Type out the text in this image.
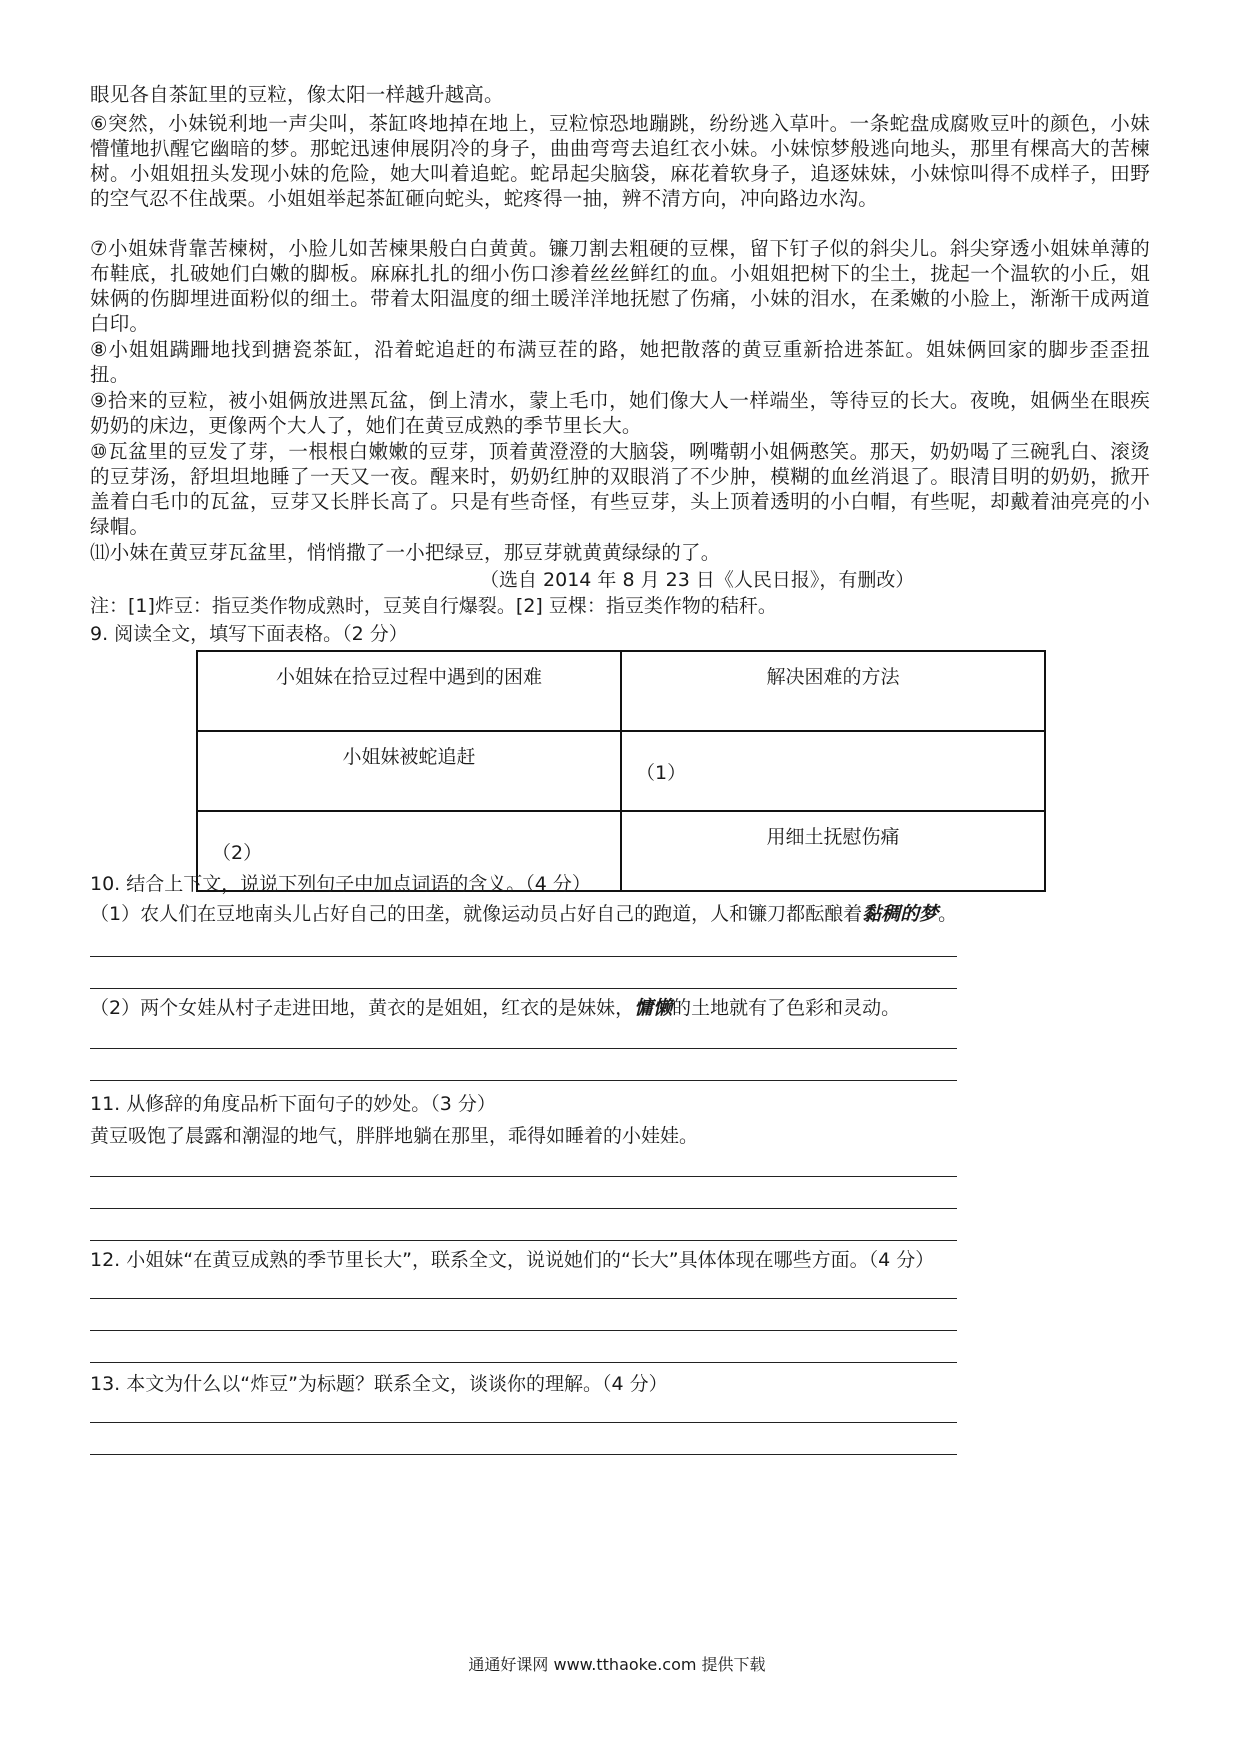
眼见各自茶缸里的豆粒，像太阳一样越升越高。
⑥突然，小妹锐利地一声尖叫，茶缸咚地掉在地上，豆粒惊恐地蹦跳，纷纷逃入草叶。一条蛇盘成腐败豆叶的颜色，小妹懵懂地扒醒它幽暗的梦。那蛇迅速伸展阴冷的身子，曲曲弯弯去追红衣小妹。小妹惊梦般逃向地头，那里有棵高大的苦楝树。小姐姐扭头发现小妹的危险，她大叫着追蛇。蛇昂起尖脑袋，麻花着软身子，追逐妹妹，小妹惊叫得不成样子，田野的空气忍不住战栗。小姐姐举起茶缸砸向蛇头，蛇疼得一抽，辨不清方向，冲向路边水沟。
⑦小姐妹背靠苦楝树，小脸儿如苦楝果般白白黄黄。镰刀割去粗硬的豆棵，留下钉子似的斜尖儿。斜尖穿透小姐妹单薄的布鞋底，扎破她们白嫩的脚板。麻麻扎扎的细小伤口渗着丝丝鲜红的血。小姐姐把树下的尘土，拢起一个温软的小丘，姐妹俩的伤脚埋进面粉似的细土。带着太阳温度的细土暖洋洋地抚慰了伤痛，小妹的泪水，在柔嫩的小脸上，渐渐干成两道白印。
⑧小姐姐蹒跚地找到搪瓷茶缸，沿着蛇追赶的布满豆茬的路，她把散落的黄豆重新拾进茶缸。姐妹俩回家的脚步歪歪扭扭。
⑨拾来的豆粒，被小姐俩放进黑瓦盆，倒上清水，蒙上毛巾，她们像大人一样端坐，等待豆的长大。夜晚，姐俩坐在眼疾奶奶的床边，更像两个大人了，她们在黄豆成熟的季节里长大。
⑩瓦盆里的豆发了芽，一根根白嫩嫩的豆芽，顶着黄澄澄的大脑袋，咧嘴朝小姐俩憨笑。那天，奶奶喝了三碗乳白、滚烫的豆芽汤，舒坦坦地睡了一天又一夜。醒来时，奶奶红肿的双眼消了不少肿，模糊的血丝消退了。眼清目明的奶奶，掀开盖着白毛巾的瓦盆，豆芽又长胖长高了。只是有些奇怪，有些豆芽，头上顶着透明的小白帽，有些呢，却戴着油亮亮的小绿帽。
⑾小妹在黄豆芽瓦盆里，悄悄撒了一小把绿豆，那豆芽就黄黄绿绿的了。
（选自 2014 年 8 月 23 日《人民日报》，有删改）
注：[1]炸豆：指豆类作物成熟时，豆荚自行爆裂。[2] 豆棵：指豆类作物的秸秆。
9. 阅读全文，填写下面表格。（2 分）
小姐妹在拾豆过程中遇到的困难	解决困难的方法
小姐妹被蛇追赶	（1）
（2）	用细土抚慰伤痛
10. 结合上下文，说说下列句子中加点词语的含义。（4 分）
（1）农人们在豆地南头儿占好自己的田垄，就像运动员占好自己的跑道，人和镰刀都酝酿着黏稠的梦。
（2）两个女娃从村子走进田地，黄衣的是姐姐，红衣的是妹妹，慵懒的土地就有了色彩和灵动。
11. 从修辞的角度品析下面句子的妙处。（3 分）
黄豆吸饱了晨露和潮湿的地气，胖胖地躺在那里，乖得如睡着的小娃娃。
12. 小姐妹“在黄豆成熟的季节里长大”，联系全文，说说她们的“长大”具体体现在哪些方面。（4 分）
13. 本文为什么以“炸豆”为标题？联系全文，谈谈你的理解。（4 分）
通通好课网 www.tthaoke.com 提供下载
